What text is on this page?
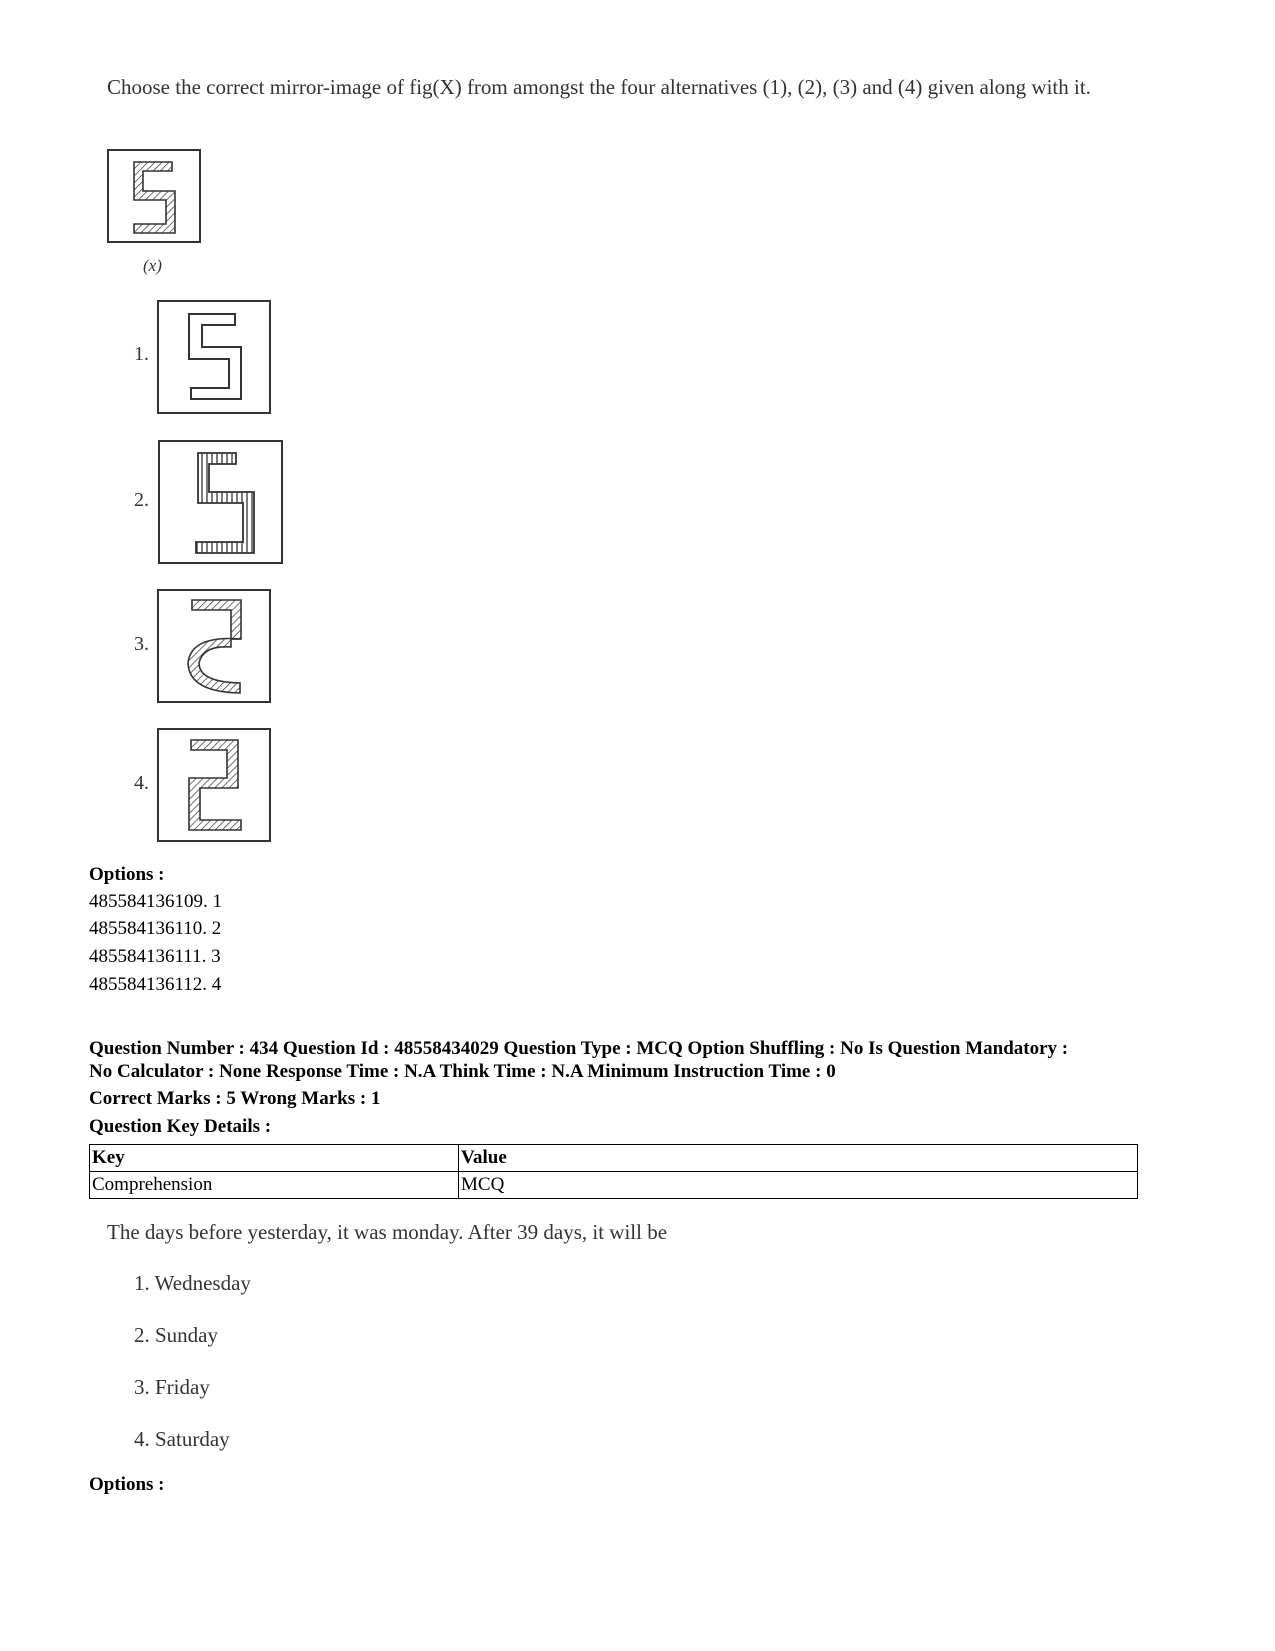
Choose the correct mirror-image of fig(X) from amongst the four alternatives (1), (2), (3) and (4) given along with it.
(x)
1.
2.
3.
4.
Options :
485584136109. 1
485584136110. 2
485584136111. 3
485584136112. 4
Question Number : 434 Question Id : 48558434029 Question Type : MCQ Option Shuffling : No Is Question Mandatory :
No Calculator : None Response Time : N.A Think Time : N.A Minimum Instruction Time : 0
Correct Marks : 5 Wrong Marks : 1
Question Key Details :
Key	Value
Comprehension	MCQ
The days before yesterday, it was monday. After 39 days, it will be
1. Wednesday
2. Sunday
3. Friday
4. Saturday
Options :
